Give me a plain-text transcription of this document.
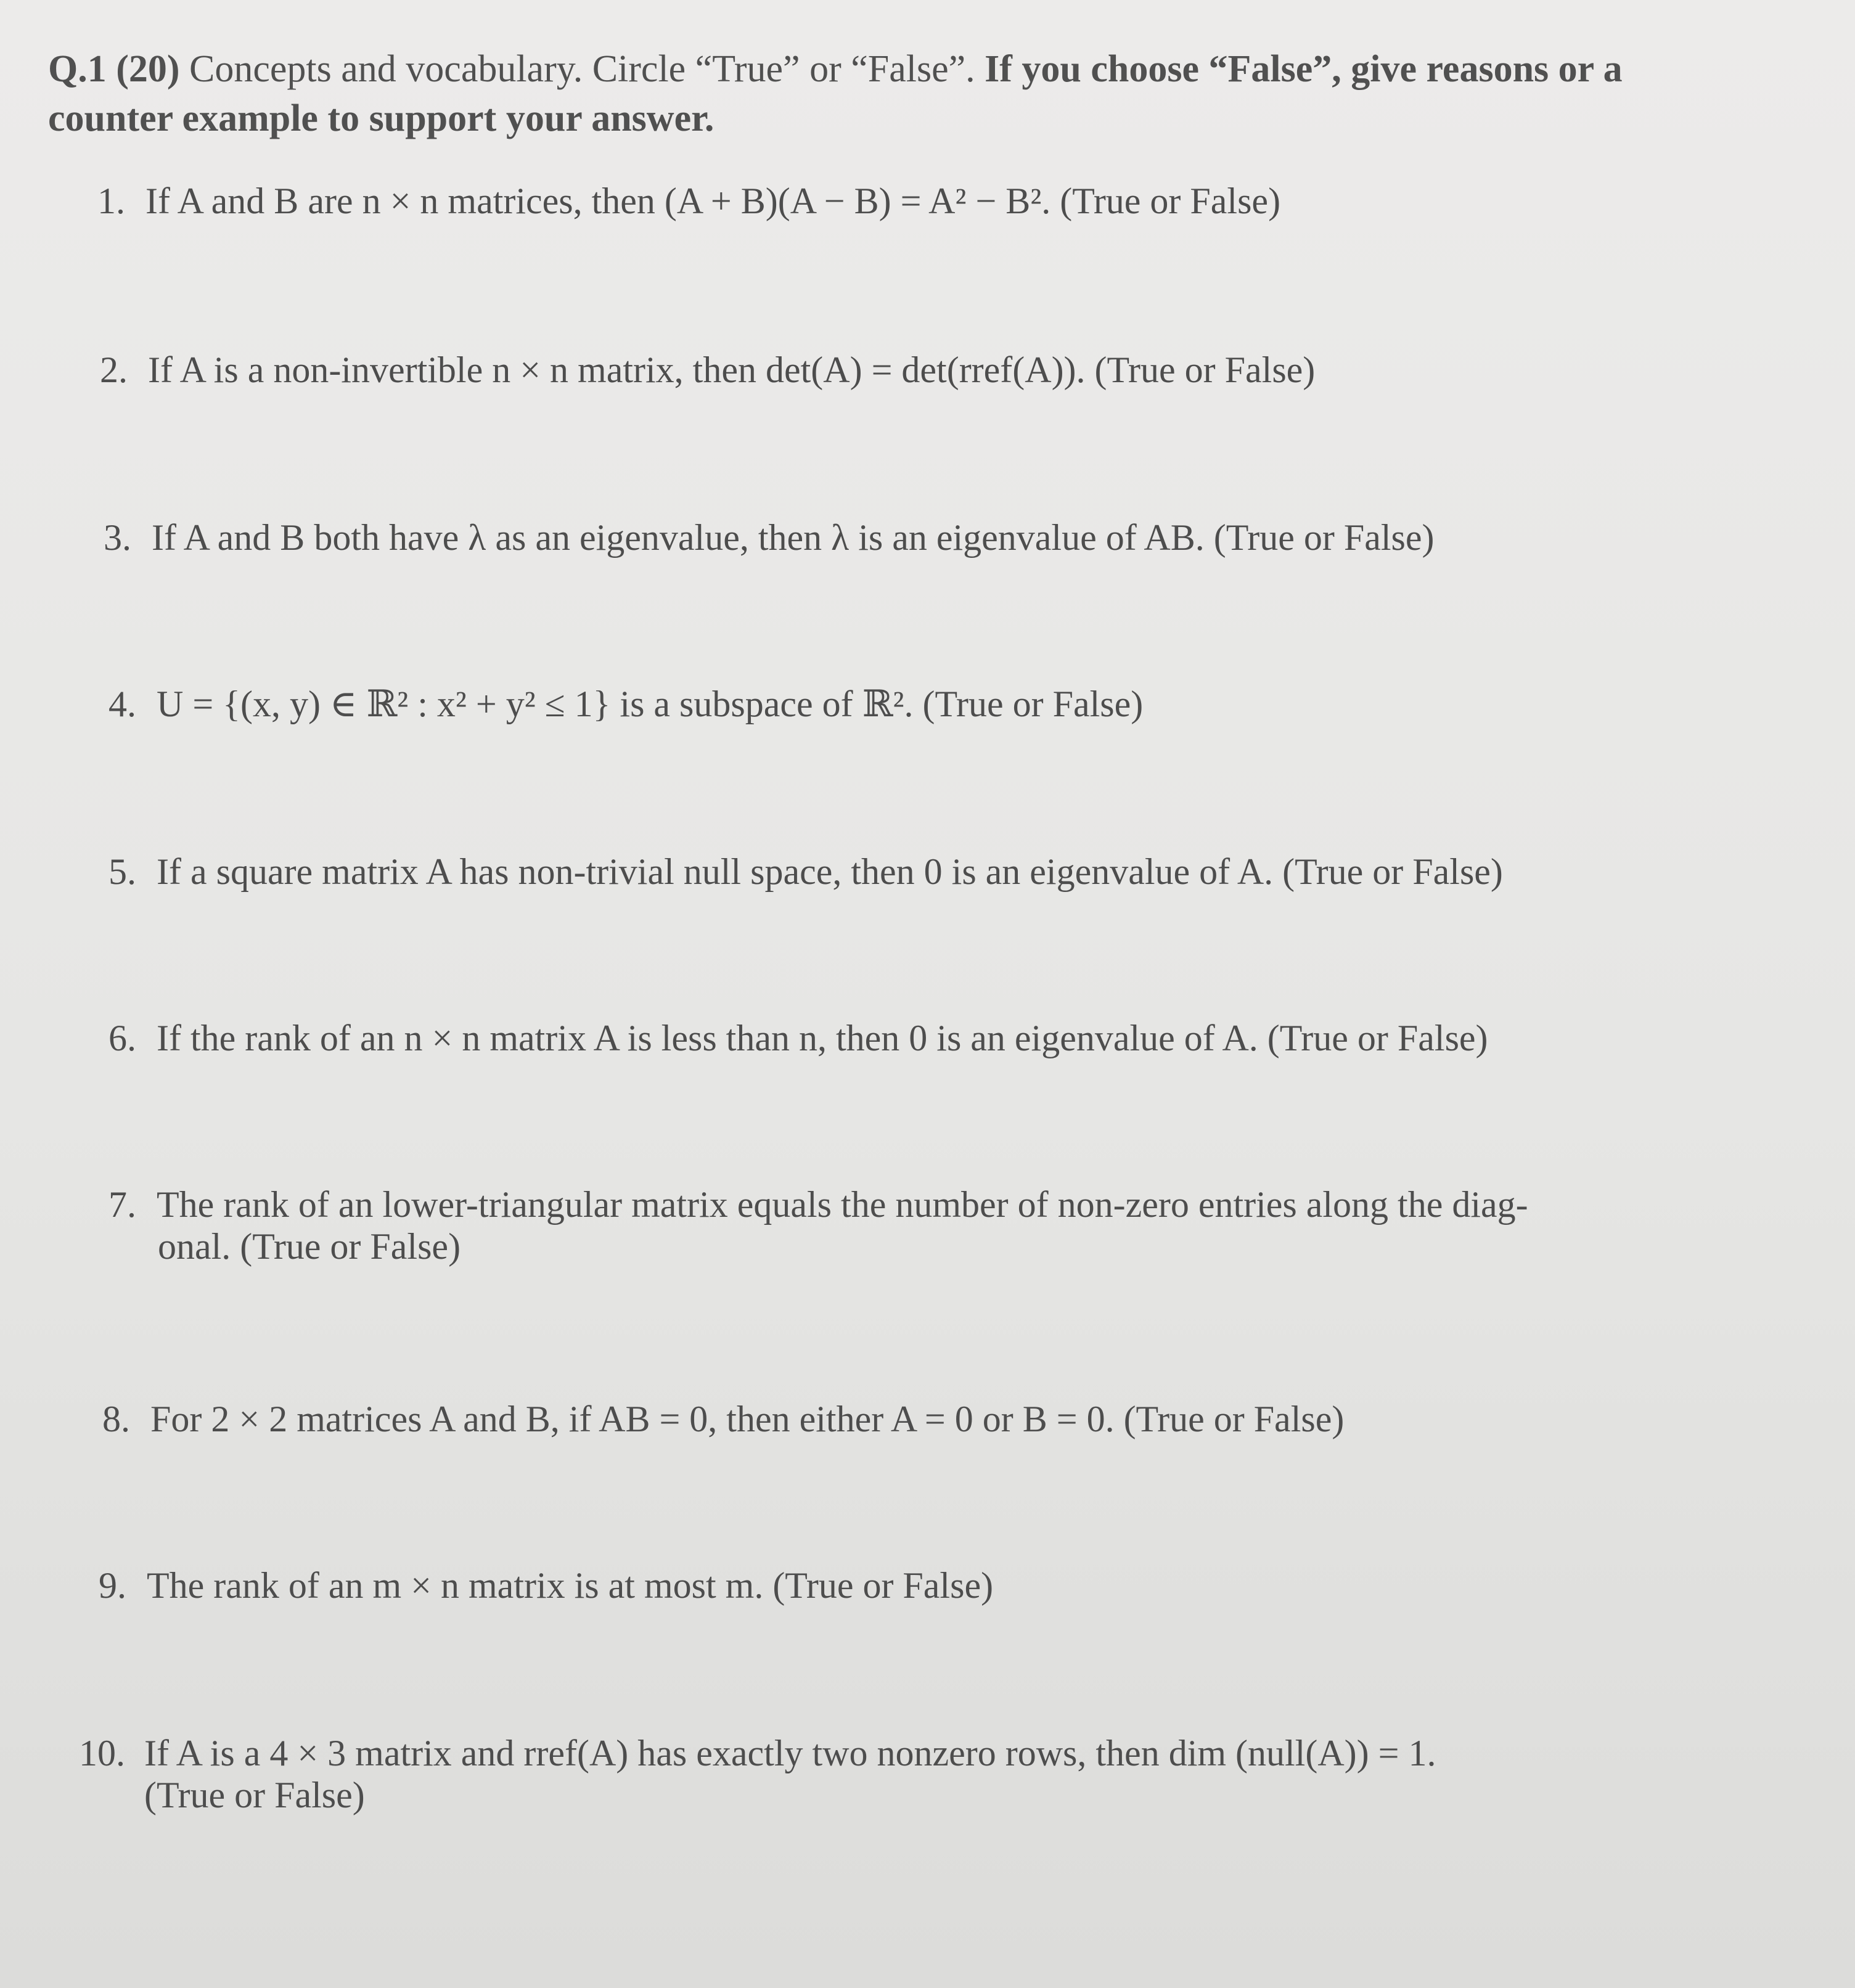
Q.1 (20) Concepts and vocabulary. Circle “True” or “False”. If you choose “False”, give reasons or a counter example to support your answer.
1. If A and B are n × n matrices, then (A + B)(A − B) = A² − B². (True or False)
2. If A is a non-invertible n × n matrix, then det(A) = det(rref(A)). (True or False)
3. If A and B both have λ as an eigenvalue, then λ is an eigenvalue of AB. (True or False)
4. U = {(x, y) ∈ ℝ² : x² + y² ≤ 1} is a subspace of ℝ². (True or False)
5. If a square matrix A has non-trivial null space, then 0 is an eigenvalue of A. (True or False)
6. If the rank of an n × n matrix A is less than n, then 0 is an eigenvalue of A. (True or False)
7. The rank of an lower-triangular matrix equals the number of non-zero entries along the diag-
onal. (True or False)
8. For 2 × 2 matrices A and B, if AB = 0, then either A = 0 or B = 0. (True or False)
9. The rank of an m × n matrix is at most m. (True or False)
10. If A is a 4 × 3 matrix and rref(A) has exactly two nonzero rows, then dim (null(A)) = 1.
(True or False)
